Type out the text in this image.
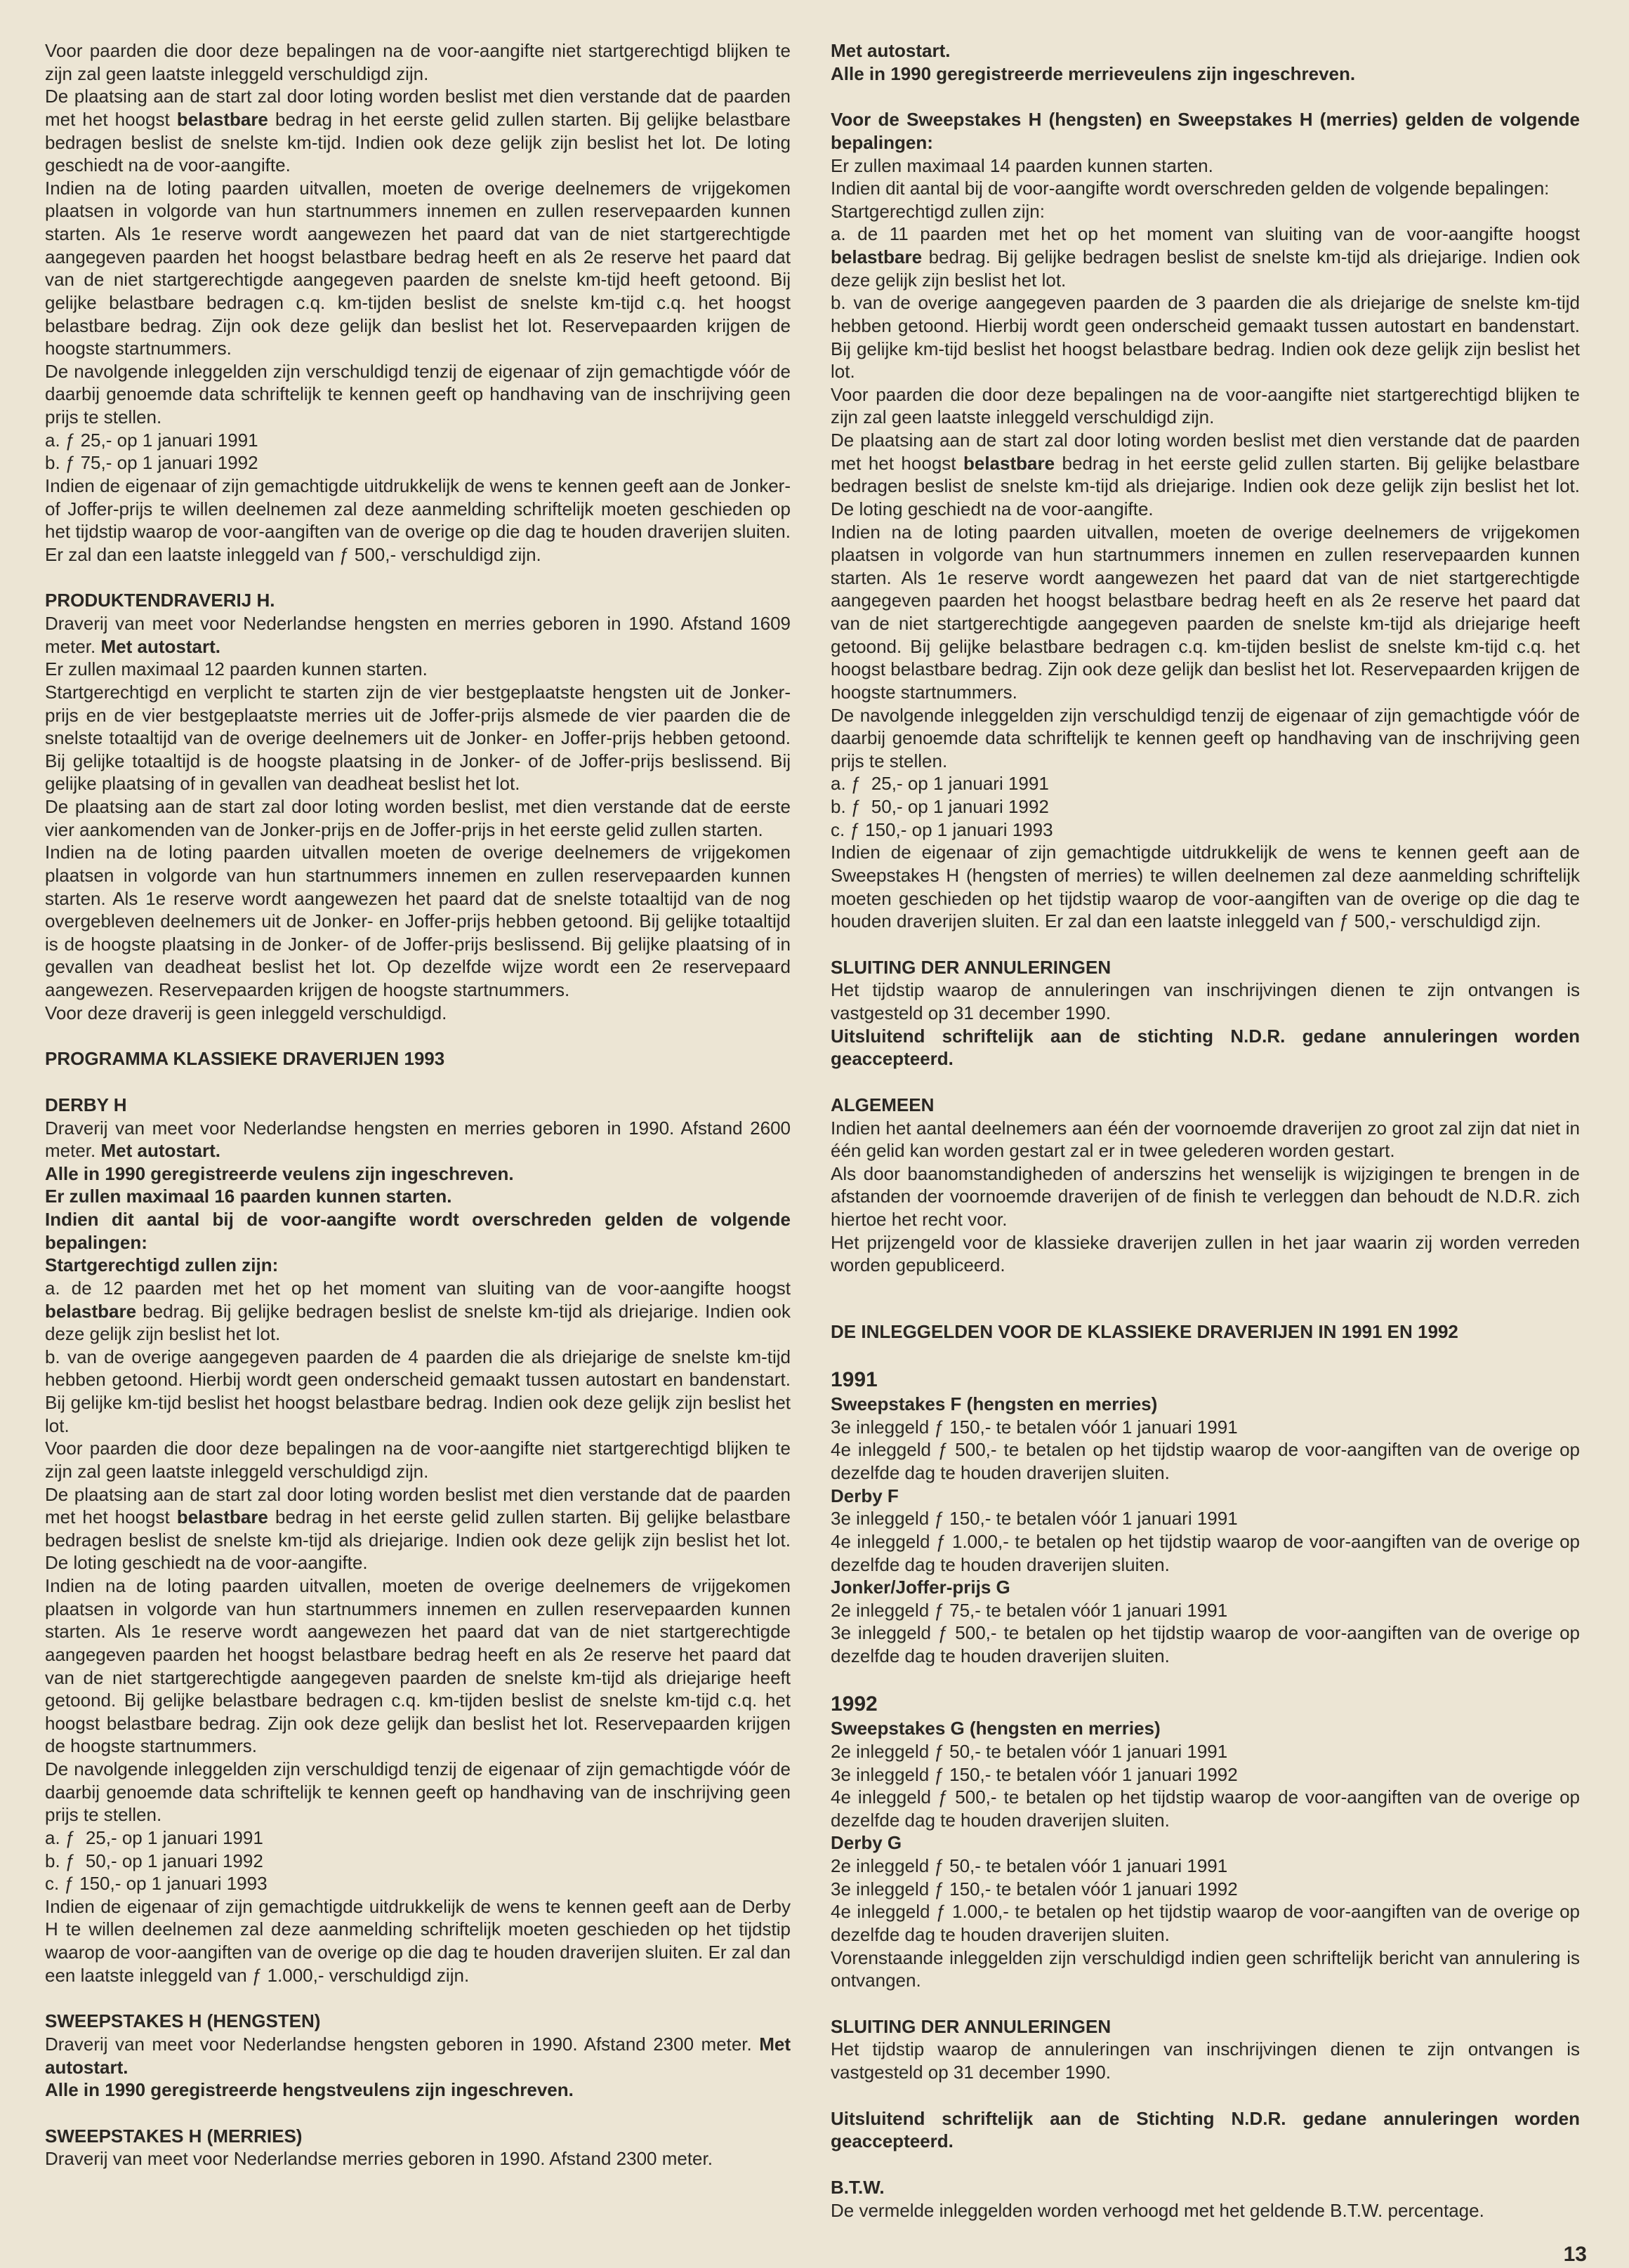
Voor paarden die door deze bepalingen na de voor-aangifte niet startgerechtigd blijken te zijn zal geen laatste inleggeld verschuldigd zijn.

De plaatsing aan de start zal door loting worden beslist met dien verstande dat de paarden met het hoogst belastbare bedrag in het eerste gelid zullen starten. Bij gelijke belastbare bedragen beslist de snelste km-tijd. Indien ook deze gelijk zijn beslist het lot. De loting geschiedt na de voor-aangifte.

Indien na de loting paarden uitvallen, moeten de overige deelnemers de vrijgekomen plaatsen in volgorde van hun startnummers innemen en zullen reservepaarden kunnen starten. Als 1e reserve wordt aangewezen het paard dat van de niet startgerechtigde aangegeven paarden het hoogst belastbare bedrag heeft en als 2e reserve het paard dat van de niet startgerechtigde aangegeven paarden de snelste km-tijd heeft getoond. Bij gelijke belastbare bedragen c.q. km-tijden beslist de snelste km-tijd c.q. het hoogst belastbare bedrag. Zijn ook deze gelijk dan beslist het lot. Reservepaarden krijgen de hoogste startnummers.

De navolgende inleggelden zijn verschuldigd tenzij de eigenaar of zijn gemachtigde vóór de daarbij genoemde data schriftelijk te kennen geeft op handhaving van de inschrijving geen prijs te stellen.

a. ƒ 25,- op 1 januari 1991

b. ƒ 75,- op 1 januari 1992

Indien de eigenaar of zijn gemachtigde uitdrukkelijk de wens te kennen geeft aan de Jonker- of Joffer-prijs te willen deelnemen zal deze aanmelding schriftelijk moeten geschieden op het tijdstip waarop de voor-aangiften van de overige op die dag te houden draverijen sluiten. Er zal dan een laatste inleggeld van ƒ 500,- verschuldigd zijn.

PRODUKTENDRAVERIJ H.

Draverij van meet voor Nederlandse hengsten en merries geboren in 1990. Afstand 1609 meter. Met autostart.

Er zullen maximaal 12 paarden kunnen starten.

Startgerechtigd en verplicht te starten zijn de vier bestgeplaatste hengsten uit de Jonker-prijs en de vier bestgeplaatste merries uit de Joffer-prijs alsmede de vier paarden die de snelste totaaltijd van de overige deelnemers uit de Jonker- en Joffer-prijs hebben getoond. Bij gelijke totaaltijd is de hoogste plaatsing in de Jonker- of de Joffer-prijs beslissend. Bij gelijke plaatsing of in gevallen van deadheat beslist het lot.

De plaatsing aan de start zal door loting worden beslist, met dien verstande dat de eerste vier aankomenden van de Jonker-prijs en de Joffer-prijs in het eerste gelid zullen starten.

Indien na de loting paarden uitvallen moeten de overige deelnemers de vrijgekomen plaatsen in volgorde van hun startnummers innemen en zullen reservepaarden kunnen starten. Als 1e reserve wordt aangewezen het paard dat de snelste totaaltijd van de nog overgebleven deelnemers uit de Jonker- en Joffer-prijs hebben getoond. Bij gelijke totaaltijd is de hoogste plaatsing in de Jonker- of de Joffer-prijs beslissend. Bij gelijke plaatsing of in gevallen van deadheat beslist het lot. Op dezelfde wijze wordt een 2e reservepaard aangewezen. Reservepaarden krijgen de hoogste startnummers.

Voor deze draverij is geen inleggeld verschuldigd.

PROGRAMMA KLASSIEKE DRAVERIJEN 1993

DERBY H

Draverij van meet voor Nederlandse hengsten en merries geboren in 1990. Afstand 2600 meter. Met autostart.

Alle in 1990 geregistreerde veulens zijn ingeschreven.

Er zullen maximaal 16 paarden kunnen starten.

Indien dit aantal bij de voor-aangifte wordt overschreden gelden de volgende bepalingen:

Startgerechtigd zullen zijn:

a. de 12 paarden met het op het moment van sluiting van de voor-aangifte hoogst belastbare bedrag. Bij gelijke bedragen beslist de snelste km-tijd als driejarige. Indien ook deze gelijk zijn beslist het lot.

b. van de overige aangegeven paarden de 4 paarden die als driejarige de snelste km-tijd hebben getoond. Hierbij wordt geen onderscheid gemaakt tussen autostart en bandenstart. Bij gelijke km-tijd beslist het hoogst belastbare bedrag. Indien ook deze gelijk zijn beslist het lot.

Voor paarden die door deze bepalingen na de voor-aangifte niet startgerechtigd blijken te zijn zal geen laatste inleggeld verschuldigd zijn.

De plaatsing aan de start zal door loting worden beslist met dien verstande dat de paarden met het hoogst belastbare bedrag in het eerste gelid zullen starten. Bij gelijke belastbare bedragen beslist de snelste km-tijd als driejarige. Indien ook deze gelijk zijn beslist het lot. De loting geschiedt na de voor-aangifte.

Indien na de loting paarden uitvallen, moeten de overige deelnemers de vrijgekomen plaatsen in volgorde van hun startnummers innemen en zullen reservepaarden kunnen starten. Als 1e reserve wordt aangewezen het paard dat van de niet startgerechtigde aangegeven paarden het hoogst belastbare bedrag heeft en als 2e reserve het paard dat van de niet startgerechtigde aangegeven paarden de snelste km-tijd als driejarige heeft getoond. Bij gelijke belastbare bedragen c.q. km-tijden beslist de snelste km-tijd c.q. het hoogst belastbare bedrag. Zijn ook deze gelijk dan beslist het lot. Reservepaarden krijgen de hoogste startnummers.

De navolgende inleggelden zijn verschuldigd tenzij de eigenaar of zijn gemachtigde vóór de daarbij genoemde data schriftelijk te kennen geeft op handhaving van de inschrijving geen prijs te stellen.

a. ƒ  25,- op 1 januari 1991

b. ƒ  50,- op 1 januari 1992

c. ƒ 150,- op 1 januari 1993

Indien de eigenaar of zijn gemachtigde uitdrukkelijk de wens te kennen geeft aan de Derby H te willen deelnemen zal deze aanmelding schriftelijk moeten geschieden op het tijdstip waarop de voor-aangiften van de overige op die dag te houden draverijen sluiten. Er zal dan een laatste inleggeld van ƒ 1.000,- verschuldigd zijn.

SWEEPSTAKES H (HENGSTEN)

Draverij van meet voor Nederlandse hengsten geboren in 1990. Afstand 2300 meter. Met autostart.

Alle in 1990 geregistreerde hengstveulens zijn ingeschreven.

SWEEPSTAKES H (MERRIES)

Draverij van meet voor Nederlandse merries geboren in 1990. Afstand 2300 meter.

Met autostart.

Alle in 1990 geregistreerde merrieveulens zijn ingeschreven.

Voor de Sweepstakes H (hengsten) en Sweepstakes H (merries) gelden de volgende bepalingen:

Er zullen maximaal 14 paarden kunnen starten.

Indien dit aantal bij de voor-aangifte wordt overschreden gelden de volgende bepalingen:

Startgerechtigd zullen zijn:

a. de 11 paarden met het op het moment van sluiting van de voor-aangifte hoogst belastbare bedrag. Bij gelijke bedragen beslist de snelste km-tijd als driejarige. Indien ook deze gelijk zijn beslist het lot.

b. van de overige aangegeven paarden de 3 paarden die als driejarige de snelste km-tijd hebben getoond. Hierbij wordt geen onderscheid gemaakt tussen autostart en bandenstart. Bij gelijke km-tijd beslist het hoogst belastbare bedrag. Indien ook deze gelijk zijn beslist het lot.

Voor paarden die door deze bepalingen na de voor-aangifte niet startgerechtigd blijken te zijn zal geen laatste inleggeld verschuldigd zijn.

De plaatsing aan de start zal door loting worden beslist met dien verstande dat de paarden met het hoogst belastbare bedrag in het eerste gelid zullen starten. Bij gelijke belastbare bedragen beslist de snelste km-tijd als driejarige. Indien ook deze gelijk zijn beslist het lot. De loting geschiedt na de voor-aangifte.

Indien na de loting paarden uitvallen, moeten de overige deelnemers de vrijgekomen plaatsen in volgorde van hun startnummers innemen en zullen reservepaarden kunnen starten. Als 1e reserve wordt aangewezen het paard dat van de niet startgerechtigde aangegeven paarden het hoogst belastbare bedrag heeft en als 2e reserve het paard dat van de niet startgerechtigde aangegeven paarden de snelste km-tijd als driejarige heeft getoond. Bij gelijke belastbare bedragen c.q. km-tijden beslist de snelste km-tijd c.q. het hoogst belastbare bedrag. Zijn ook deze gelijk dan beslist het lot. Reservepaarden krijgen de hoogste startnummers.

De navolgende inleggelden zijn verschuldigd tenzij de eigenaar of zijn gemachtigde vóór de daarbij genoemde data schriftelijk te kennen geeft op handhaving van de inschrijving geen prijs te stellen.

a. ƒ  25,- op 1 januari 1991

b. ƒ  50,- op 1 januari 1992

c. ƒ 150,- op 1 januari 1993

Indien de eigenaar of zijn gemachtigde uitdrukkelijk de wens te kennen geeft aan de Sweepstakes H (hengsten of merries) te willen deelnemen zal deze aanmelding schriftelijk moeten geschieden op het tijdstip waarop de voor-aangiften van de overige op die dag te houden draverijen sluiten. Er zal dan een laatste inleggeld van ƒ 500,- verschuldigd zijn.

SLUITING DER ANNULERINGEN

Het tijdstip waarop de annuleringen van inschrijvingen dienen te zijn ontvangen is vastgesteld op 31 december 1990.

Uitsluitend schriftelijk aan de stichting N.D.R. gedane annuleringen worden geaccepteerd.

ALGEMEEN

Indien het aantal deelnemers aan één der voornoemde draverijen zo groot zal zijn dat niet in één gelid kan worden gestart zal er in twee gelederen worden gestart.

Als door baanomstandigheden of anderszins het wenselijk is wijzigingen te brengen in de afstanden der voornoemde draverijen of de finish te verleggen dan behoudt de N.D.R. zich hiertoe het recht voor.

Het prijzengeld voor de klassieke draverijen zullen in het jaar waarin zij worden verreden worden gepubliceerd.

DE INLEGGELDEN VOOR DE KLASSIEKE DRAVERIJEN IN 1991 EN 1992

1991

Sweepstakes F (hengsten en merries)

3e inleggeld ƒ 150,- te betalen vóór 1 januari 1991

4e inleggeld ƒ 500,- te betalen op het tijdstip waarop de voor-aangiften van de overige op dezelfde dag te houden draverijen sluiten.

Derby F

3e inleggeld ƒ 150,- te betalen vóór 1 januari 1991

4e inleggeld ƒ 1.000,- te betalen op het tijdstip waarop de voor-aangiften van de overige op dezelfde dag te houden draverijen sluiten.

Jonker/Joffer-prijs G

2e inleggeld ƒ 75,- te betalen vóór 1 januari 1991

3e inleggeld ƒ 500,- te betalen op het tijdstip waarop de voor-aangiften van de overige op dezelfde dag te houden draverijen sluiten.

1992

Sweepstakes G (hengsten en merries)

2e inleggeld ƒ 50,- te betalen vóór 1 januari 1991

3e inleggeld ƒ 150,- te betalen vóór 1 januari 1992

4e inleggeld ƒ 500,- te betalen op het tijdstip waarop de voor-aangiften van de overige op dezelfde dag te houden draverijen sluiten.

Derby G

2e inleggeld ƒ 50,- te betalen vóór 1 januari 1991

3e inleggeld ƒ 150,- te betalen vóór 1 januari 1992

4e inleggeld ƒ 1.000,- te betalen op het tijdstip waarop de voor-aangiften van de overige op dezelfde dag te houden draverijen sluiten.

Vorenstaande inleggelden zijn verschuldigd indien geen schriftelijk bericht van annulering is ontvangen.

SLUITING DER ANNULERINGEN

Het tijdstip waarop de annuleringen van inschrijvingen dienen te zijn ontvangen is vastgesteld op 31 december 1990.

Uitsluitend schriftelijk aan de Stichting N.D.R. gedane annuleringen worden geaccepteerd.

B.T.W.

De vermelde inleggelden worden verhoogd met het geldende B.T.W. percentage.

13
